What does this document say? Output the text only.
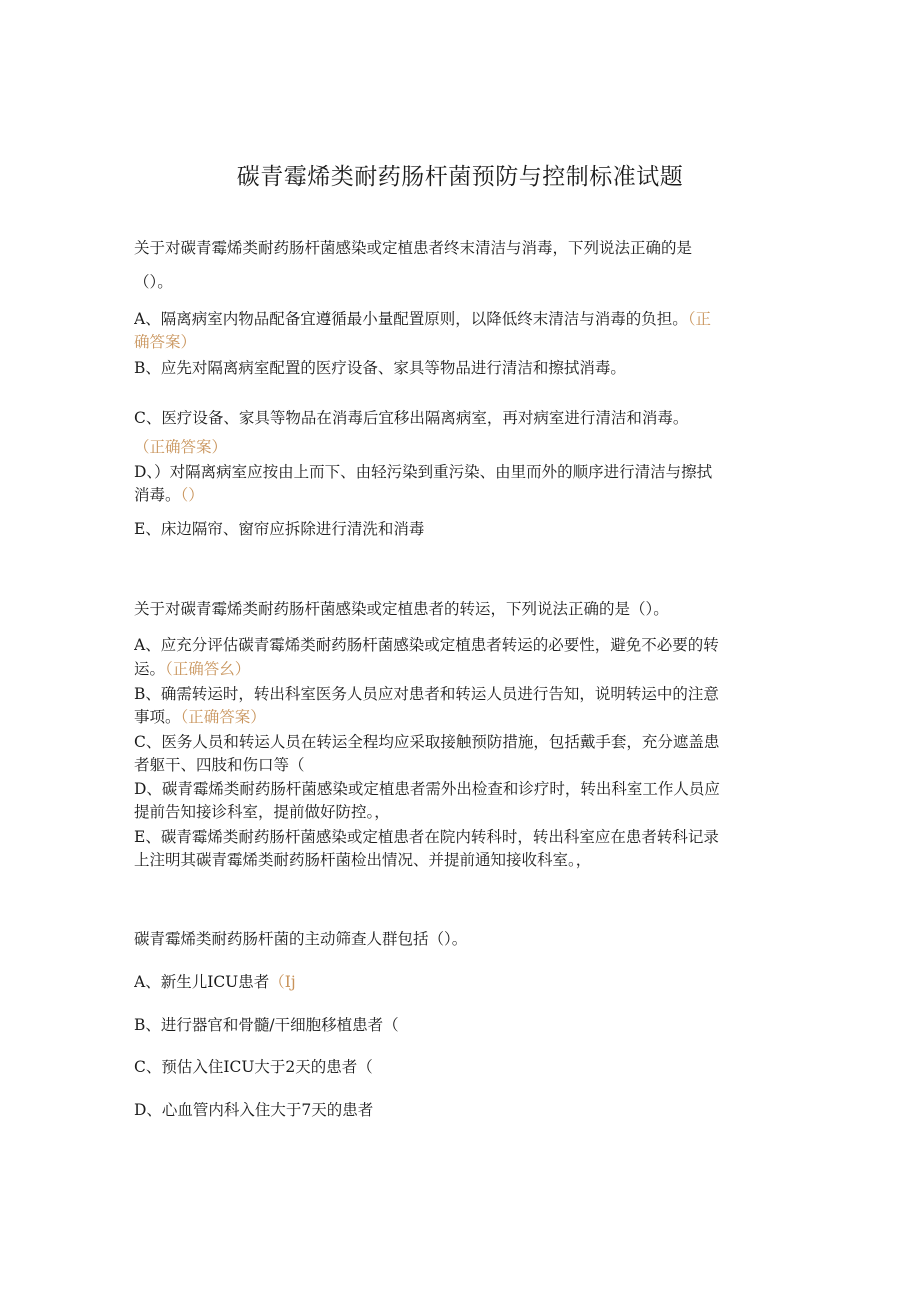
碳青霉烯类耐药肠杆菌预防与控制标准试题
关于对碳青霉烯类耐药肠杆菌感染或定植患者终末清洁与消毒，下列说法正确的是
（）。
A、隔离病室内物品配备宜遵循最小量配置原则，以降低终末清洁与消毒的负担。（正
确答案）
B、应先对隔离病室配置的医疗设备、家具等物品进行清洁和擦拭消毒。
C、医疗设备、家具等物品在消毒后宜移出隔离病室，再对病室进行清洁和消毒。
（正确答案）
D、）对隔离病室应按由上而下、由轻污染到重污染、由里而外的顺序进行清洁与擦拭
消毒。（）
E、床边隔帘、窗帘应拆除进行清洗和消毒
关于对碳青霉烯类耐药肠杆菌感染或定植患者的转运，下列说法正确的是（）。
A、应充分评估碳青霉烯类耐药肠杆菌感染或定植患者转运的必要性，避免不必要的转
运。（正确答幺）
B、确需转运时，转出科室医务人员应对患者和转运人员进行告知，说明转运中的注意
事项。（正确答案）
C、医务人员和转运人员在转运全程均应采取接触预防措施，包括戴手套，充分遮盖患
者躯干、四肢和伤口等（
D、碳青霉烯类耐药肠杆菌感染或定植患者需外出检查和诊疗时，转出科室工作人员应
提前告知接诊科室，提前做好防控。，
E、碳青霉烯类耐药肠杆菌感染或定植患者在院内转科时，转出科室应在患者转科记录
上注明其碳青霉烯类耐药肠杆菌检出情况、并提前通知接收科室。，
碳青霉烯类耐药肠杆菌的主动筛查人群包括（）。
A、新生儿ICU患者（Ij
B、进行器官和骨髓/干细胞移植患者（
C、预估入住ICU大于2天的患者（
D、心血管内科入住大于7天的患者
